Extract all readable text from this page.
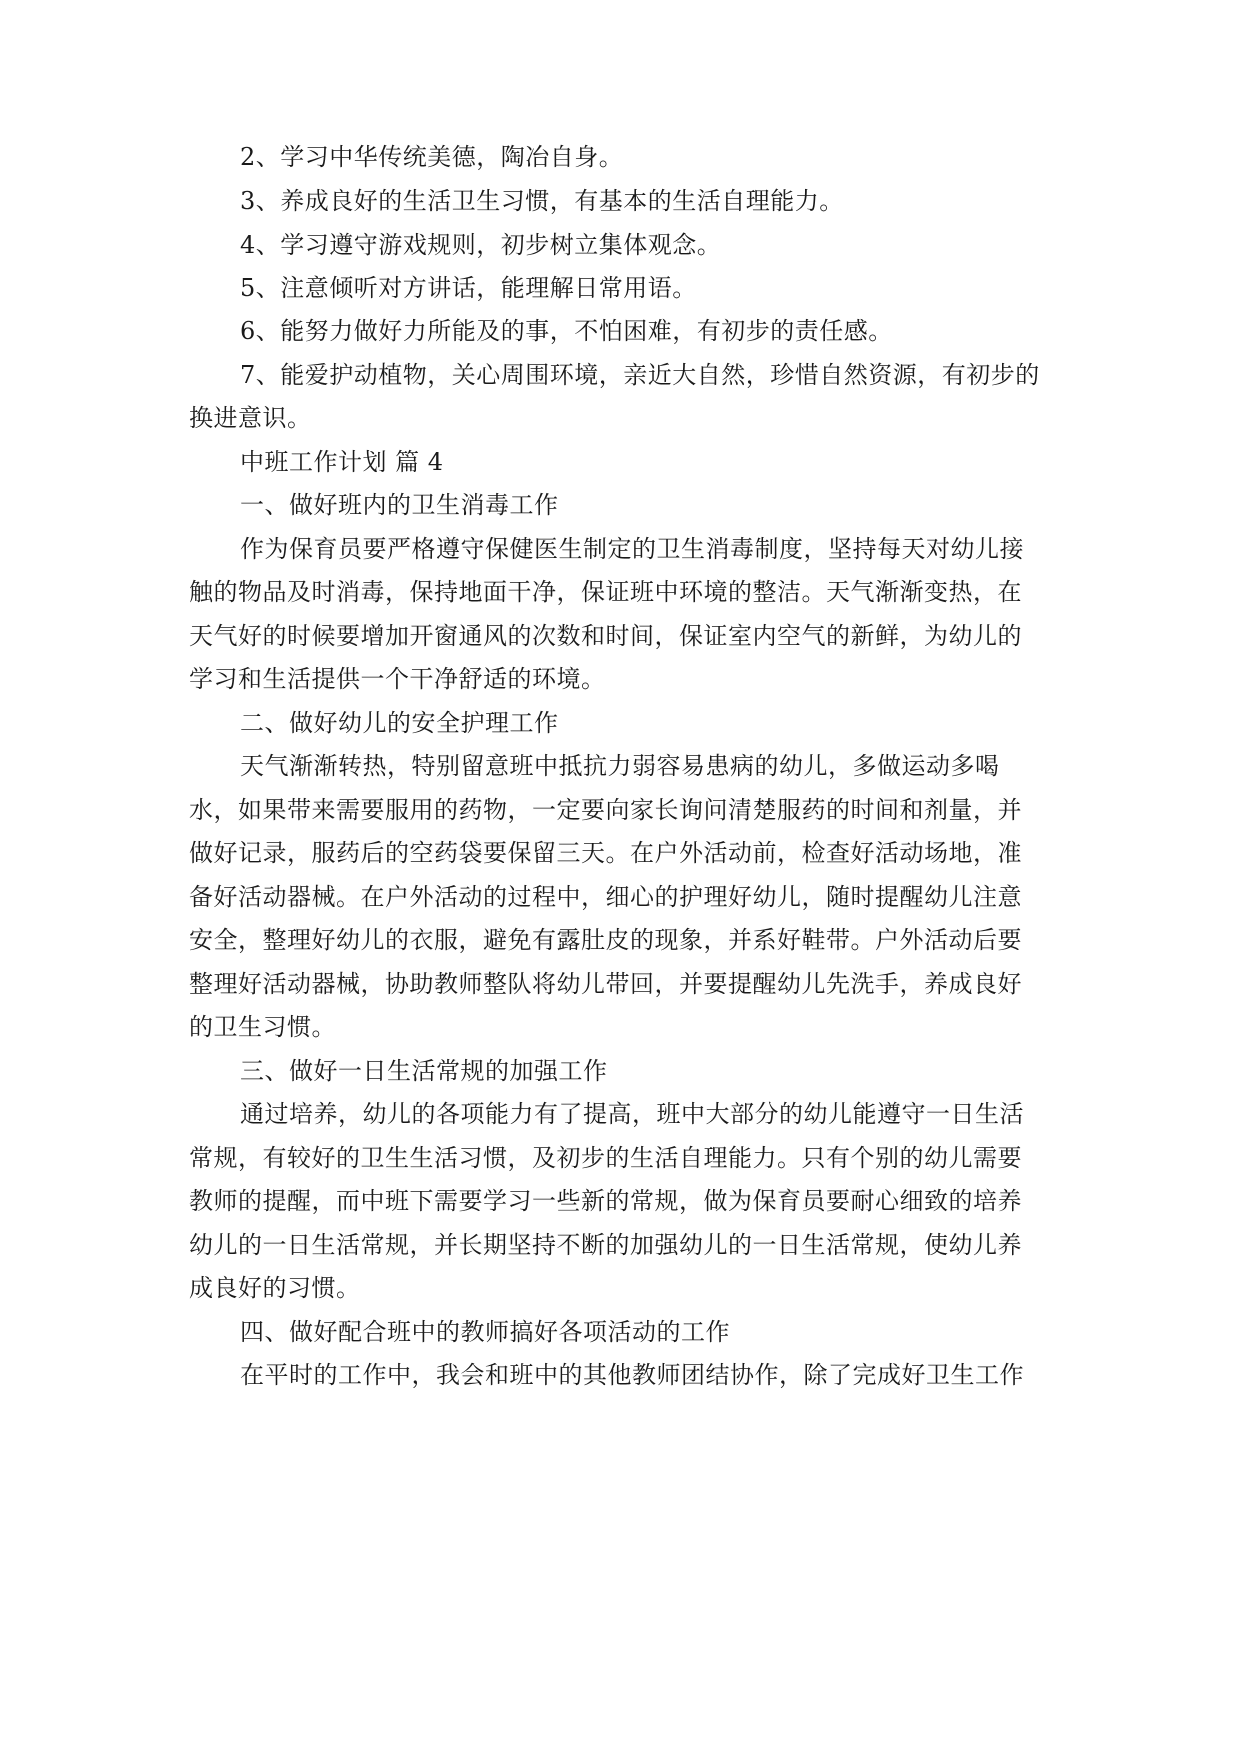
2、学习中华传统美德，陶冶自身。
3、养成良好的生活卫生习惯，有基本的生活自理能力。
4、学习遵守游戏规则，初步树立集体观念。
5、注意倾听对方讲话，能理解日常用语。
6、能努力做好力所能及的事，不怕困难，有初步的责任感。
7、能爱护动植物，关心周围环境，亲近大自然，珍惜自然资源，有初步的
换进意识。
中班工作计划 篇 4
一、做好班内的卫生消毒工作
作为保育员要严格遵守保健医生制定的卫生消毒制度，坚持每天对幼儿接
触的物品及时消毒，保持地面干净，保证班中环境的整洁。天气渐渐变热，在
天气好的时候要增加开窗通风的次数和时间，保证室内空气的新鲜，为幼儿的
学习和生活提供一个干净舒适的环境。
二、做好幼儿的安全护理工作
天气渐渐转热，特别留意班中抵抗力弱容易患病的幼儿，多做运动多喝
水，如果带来需要服用的药物，一定要向家长询问清楚服药的时间和剂量，并
做好记录，服药后的空药袋要保留三天。在户外活动前，检查好活动场地，准
备好活动器械。在户外活动的过程中，细心的护理好幼儿，随时提醒幼儿注意
安全，整理好幼儿的衣服，避免有露肚皮的现象，并系好鞋带。户外活动后要
整理好活动器械，协助教师整队将幼儿带回，并要提醒幼儿先洗手，养成良好
的卫生习惯。
三、做好一日生活常规的加强工作
通过培养，幼儿的各项能力有了提高，班中大部分的幼儿能遵守一日生活
常规，有较好的卫生生活习惯，及初步的生活自理能力。只有个别的幼儿需要
教师的提醒，而中班下需要学习一些新的常规，做为保育员要耐心细致的培养
幼儿的一日生活常规，并长期坚持不断的加强幼儿的一日生活常规，使幼儿养
成良好的习惯。
四、做好配合班中的教师搞好各项活动的工作
在平时的工作中，我会和班中的其他教师团结协作，除了完成好卫生工作
